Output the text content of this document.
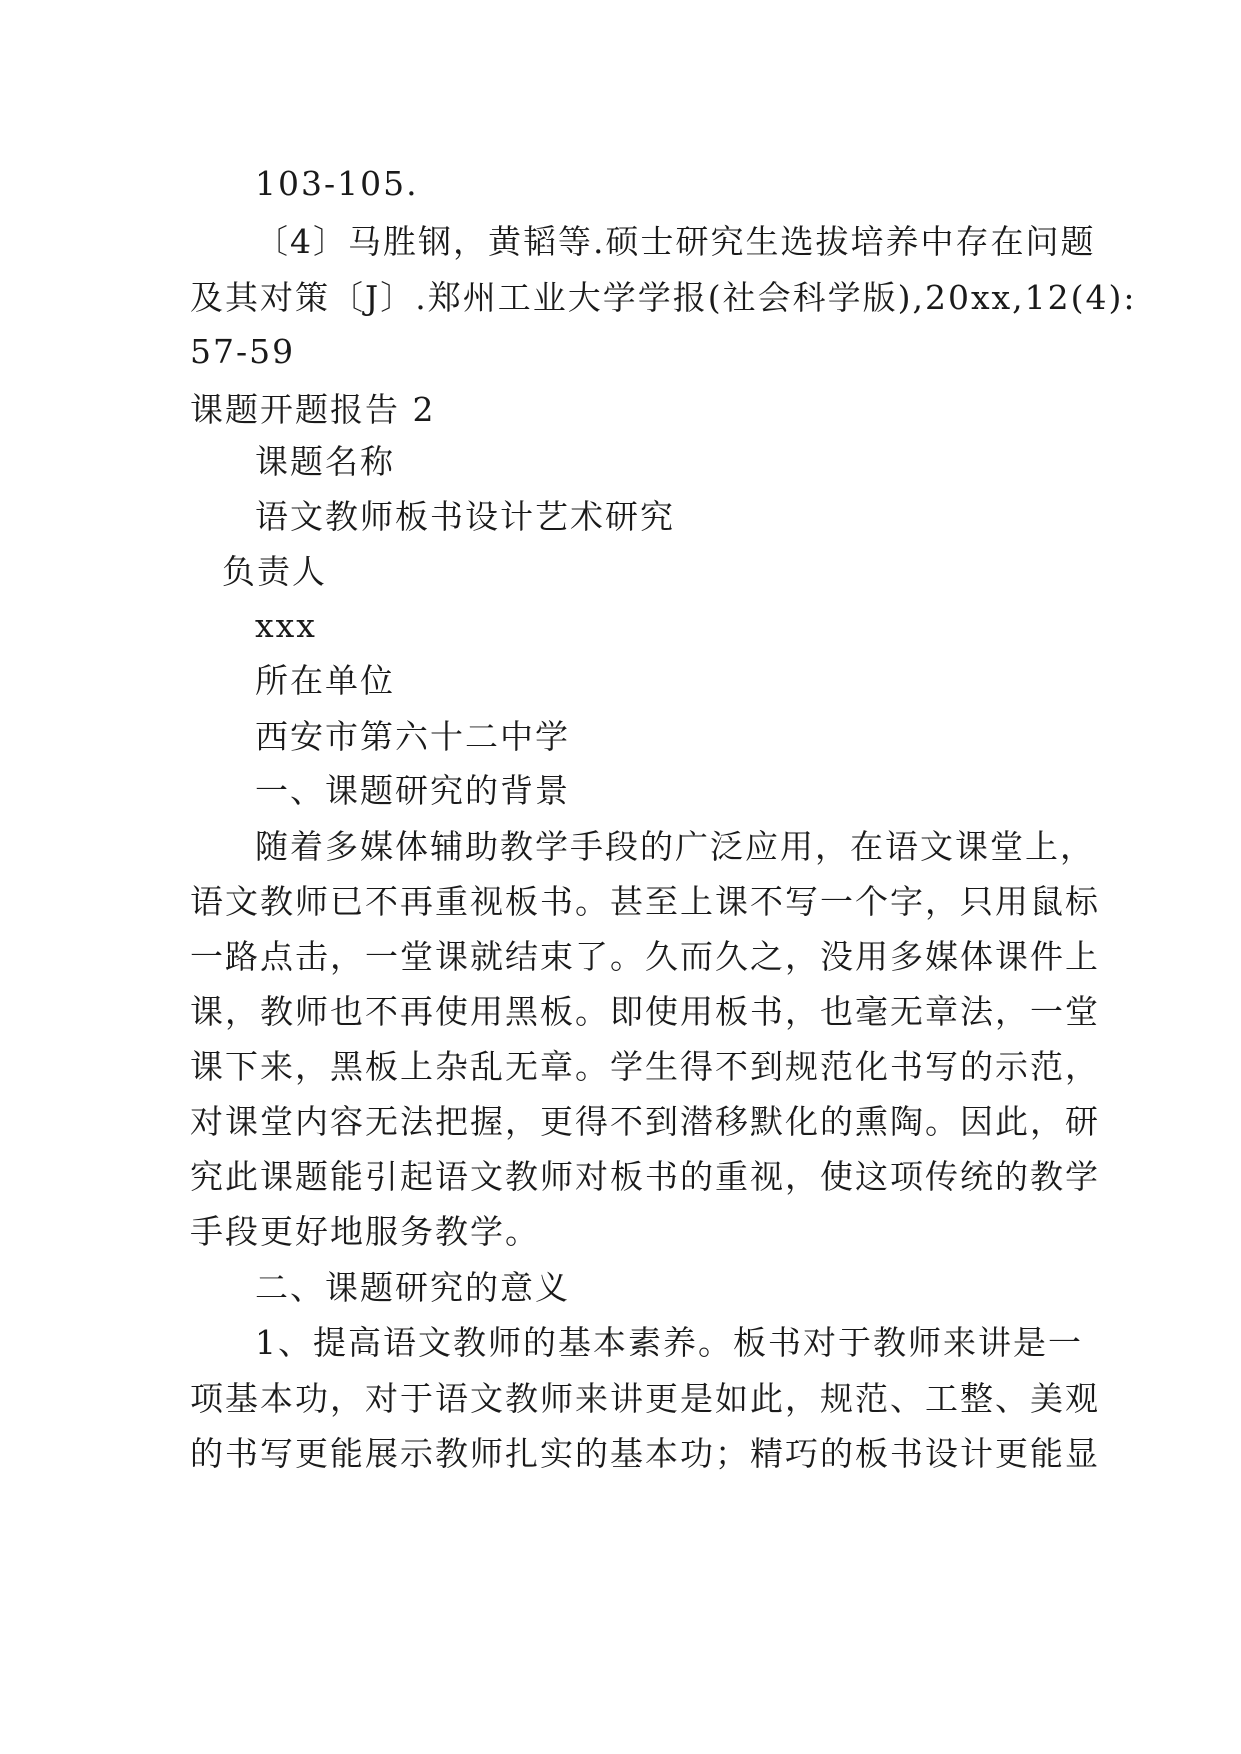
103-105.
〔4〕马胜钢，黄韬等.硕士研究生选拔培养中存在问题
及其对策〔J〕.郑州工业大学学报(社会科学版),20xx,12(4):
57-59
课题开题报告 2
课题名称
语文教师板书设计艺术研究
负责人
xxx
所在单位
西安市第六十二中学
一、课题研究的背景
随着多媒体辅助教学手段的广泛应用，在语文课堂上，
语文教师已不再重视板书。甚至上课不写一个字，只用鼠标
一路点击，一堂课就结束了。久而久之，没用多媒体课件上
课，教师也不再使用黑板。即使用板书，也毫无章法，一堂
课下来，黑板上杂乱无章。学生得不到规范化书写的示范，
对课堂内容无法把握，更得不到潜移默化的熏陶。因此，研
究此课题能引起语文教师对板书的重视，使这项传统的教学
手段更好地服务教学。
二、课题研究的意义
1、提高语文教师的基本素养。板书对于教师来讲是一
项基本功，对于语文教师来讲更是如此，规范、工整、美观
的书写更能展示教师扎实的基本功；精巧的板书设计更能显
